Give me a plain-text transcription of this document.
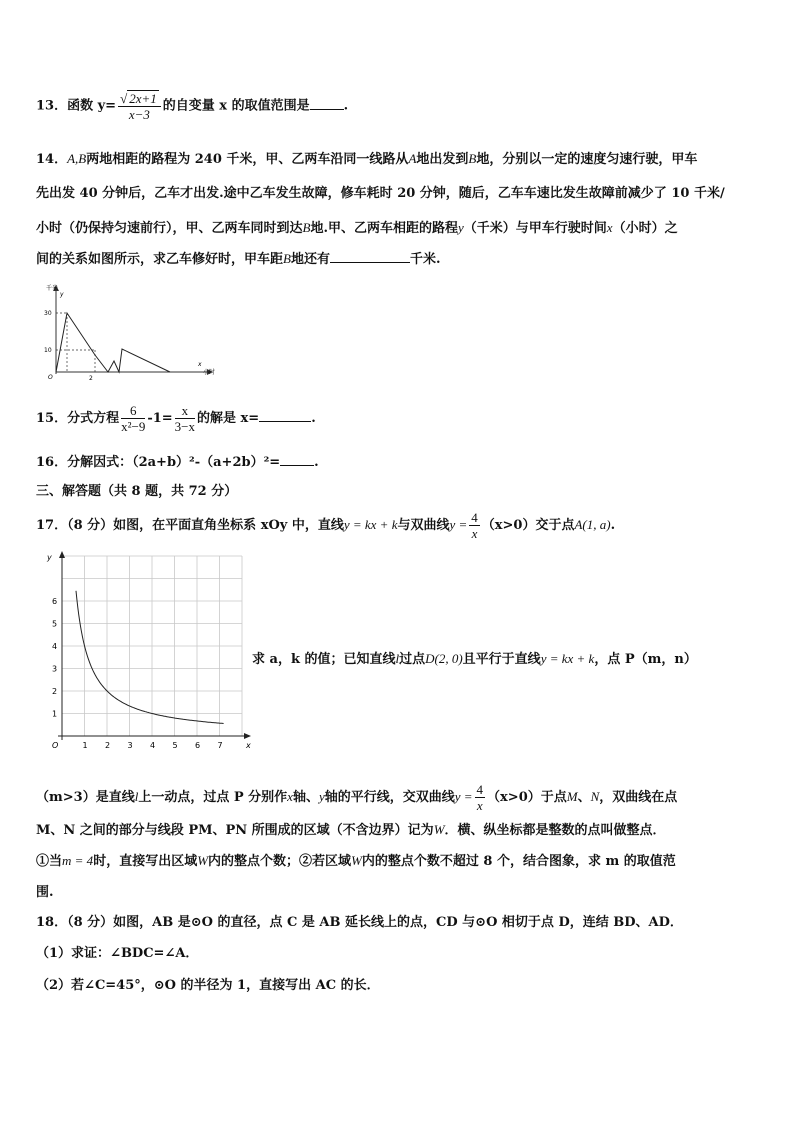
13．函数 $y= \frac{√ 2x+1}{x-3}$ 的自变量 x 的取值范围是	.
14．A,B两地相距的路程为 240 千米，甲、乙两车沿同一线路从A地出发到B地，分别以一定的速度匀速行驶，甲车
先出发 40 分钟后，乙车才出发.途中乙车发生故障，修车耗时 20 分钟，随后，乙车车速比发生故障前减少了 10 千米/
小时（仍保持匀速前行），甲、乙两车同时到达B地.甲、乙两车相距的路程y（千米）与甲车行驶时间x（小时）之
间的关系如图所示，求乙车修好时，甲车距B地还有	千米.
千米
y
x
小时
O
30
10
2
15．分式方程 $\frac{6}{\text{x²−9}} -1= \frac{x}{3-x}$ 的解是 x=	.
16．分解因式：（2a+b）²-（a+2b）²=	.
三、解答题（共 8 题，共 72 分）
17．（8 分）如图，在平面直角坐标系 xOy 中，直线y = kx + k与双曲线$y = \frac{4}{x} (x>0)$交于点A(1, a).
y
x
O
1
2
3
4
5
6
1 2 3 4 5 6 7
求 a，k 的值；已知直线l过点D(2, 0)且平行于直线y = kx + k，点 P（m，n）
（m>3）是直线l上一动点，过点 P 分别作x轴、y轴的平行线，交双曲线$y = \frac{4}{x} (x>0)$于点M、N，双曲线在点
M、N 之间的部分与线段 PM、PN 所围成的区域（不含边界）记为W．横、纵坐标都是整数的点叫做整点．
①当m = 4时，直接写出区域W内的整点个数；②若区域W内的整点个数不超过 8 个，结合图象，求 m 的取值范
围.
18．（8 分）如图，AB 是⊙O 的直径，点 C 是 AB 延长线上的点，CD 与⊙O 相切于点 D，连结 BD、AD．
（1）求证：∠BDC=∠A．
（2）若∠C=45°，⊙O 的半径为 1，直接写出 AC 的长．
